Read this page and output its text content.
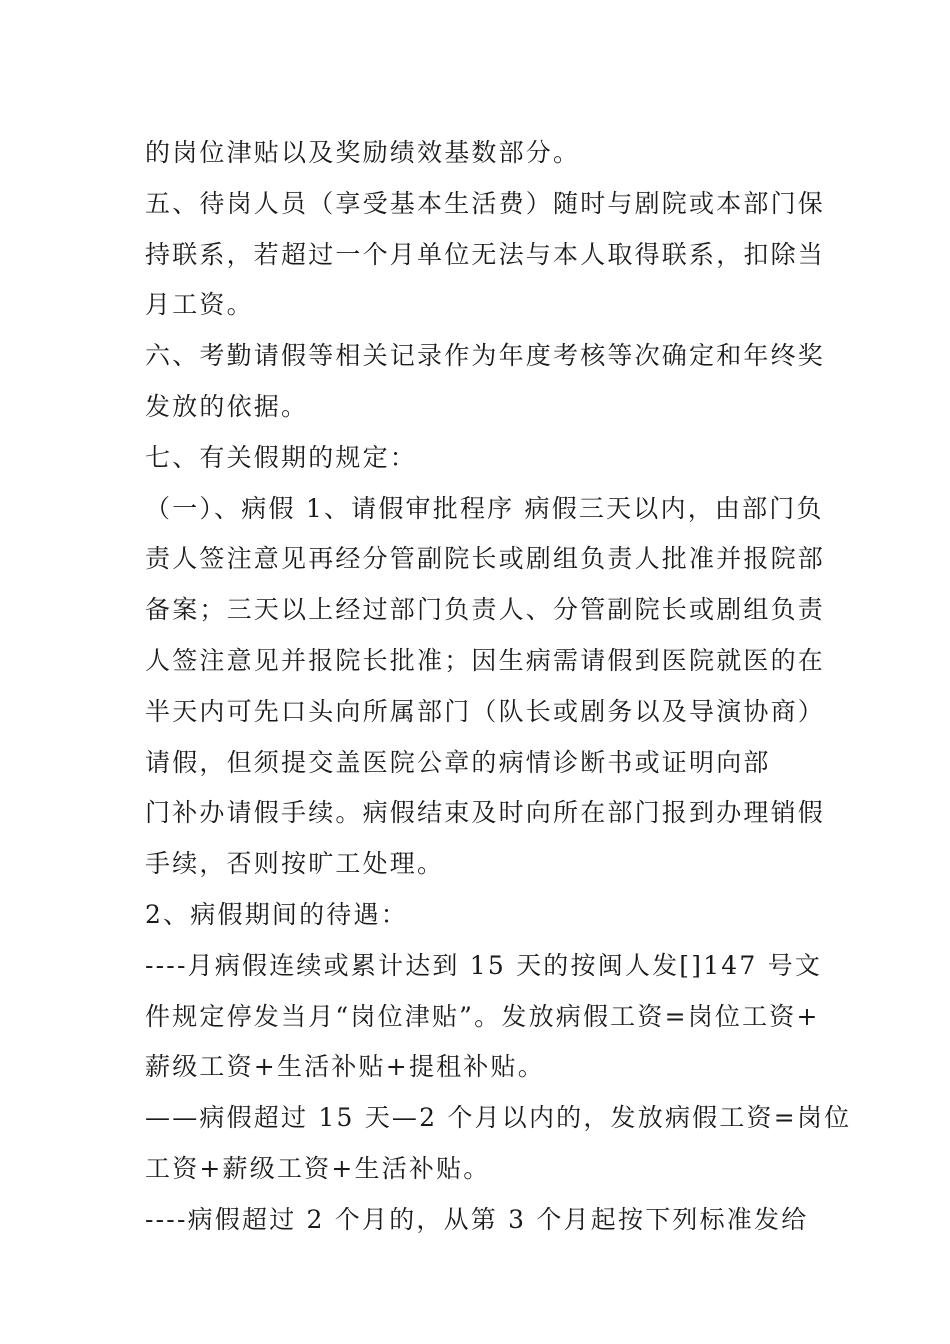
的岗位津贴以及奖励绩效基数部分。
五、待岗人员（享受基本生活费）随时与剧院或本部门保
持联系，若超过一个月单位无法与本人取得联系，扣除当
月工资。
六、考勤请假等相关记录作为年度考核等次确定和年终奖
发放的依据。
七、有关假期的规定：
（一）、病假 1、请假审批程序 病假三天以内，由部门负
责人签注意见再经分管副院长或剧组负责人批准并报院部
备案；三天以上经过部门负责人、分管副院长或剧组负责
人签注意见并报院长批准；因生病需请假到医院就医的在
半天内可先口头向所属部门（队长或剧务以及导演协商）
请假，但须提交盖医院公章的病情诊断书或证明向部
门补办请假手续。病假结束及时向所在部门报到办理销假
手续，否则按旷工处理。
2、病假期间的待遇：
----月病假连续或累计达到 15 天的按闽人发[]147 号文
件规定停发当月“岗位津贴”。发放病假工资=岗位工资+
薪级工资+生活补贴+提租补贴。
——病假超过 15 天—2 个月以内的，发放病假工资=岗位
工资+薪级工资+生活补贴。
----病假超过 2 个月的，从第 3 个月起按下列标准发给
